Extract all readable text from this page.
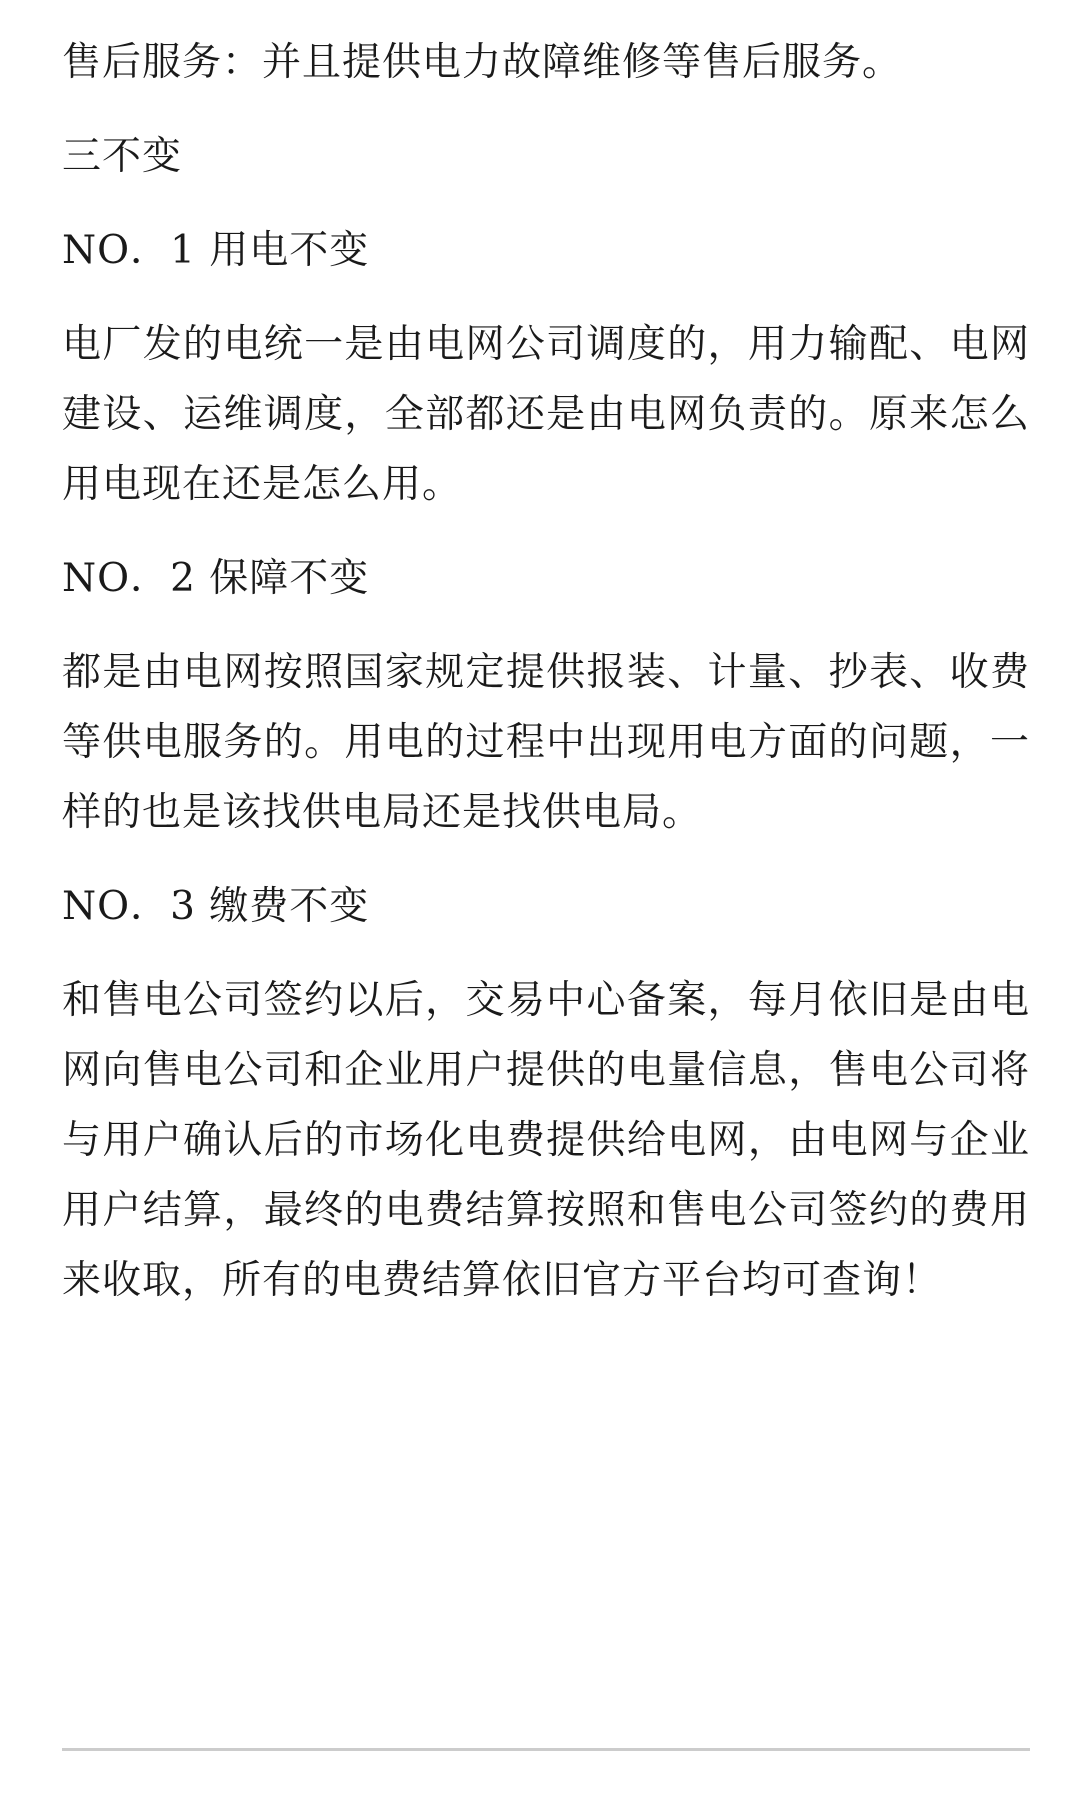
售后服务：并且提供电力故障维修等售后服务。

三不变

NO．1 用电不变

电厂发的电统一是由电网公司调度的，用力输配、电网建设、运维调度，全部都还是由电网负责的。原来怎么用电现在还是怎么用。

NO．2 保障不变

都是由电网按照国家规定提供报装、计量、抄表、收费等供电服务的。用电的过程中出现用电方面的问题，一样的也是该找供电局还是找供电局。

NO．3 缴费不变

和售电公司签约以后，交易中心备案，每月依旧是由电网向售电公司和企业用户提供的电量信息，售电公司将与用户确认后的市场化电费提供给电网，由电网与企业用户结算，最终的电费结算按照和售电公司签约的费用来收取，所有的电费结算依旧官方平台均可查询！
